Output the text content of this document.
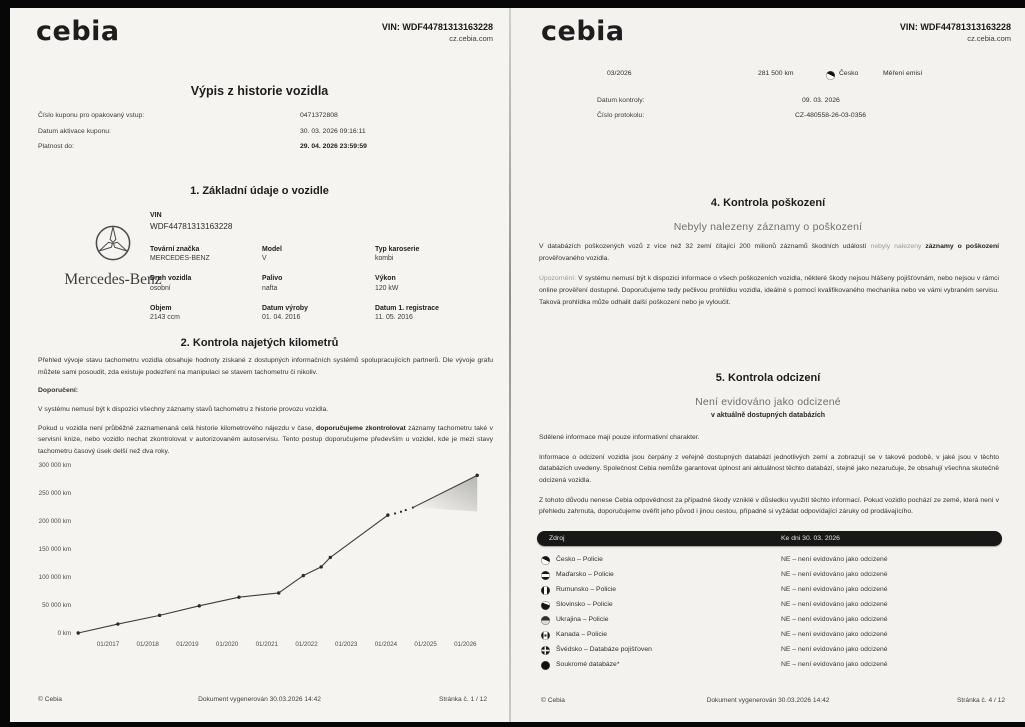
cebia	VIN: WDF44781313163228
cz.cebia.com
Výpis z historie vozidla
Číslo kuponu pro opakovaný vstup:	0471372808
Datum aktivace kuponu:	30. 03. 2026 09:16:11
Platnost do:	29. 04. 2026 23:59:59
1. Základní údaje o vozidle
Mercedes-Benz
VIN
WDF44781313163228
Tovární značka
MERCEDES-BENZ
Model
V
Typ karoserie
kombi
Druh vozidla
osobní
Palivo
nafta
Výkon
120 kW
Objem
2143 ccm
Datum výroby
01. 04. 2016
Datum 1. registrace
11. 05. 2016
2. Kontrola najetých kilometrů

Přehled vývoje stavu tachometru vozidla obsahuje hodnoty získané z dostupných informačních systémů spolupracujících partnerů. Dle vývoje grafu můžete sami posoudit, zda existuje podezření na manipulaci se stavem tachometru či nikoliv.

Doporučení:

V systému nemusí být k dispozici všechny záznamy stavů tachometru z historie provozu vozidla.

Pokud u vozidla není průběžně zaznamenaná celá historie kilometrového nájezdu v čase, doporučujeme zkontrolovat záznamy tachometru také v servisní knize, nebo vozidlo nechat zkontrolovat v autorizovaném autoservisu. Tento postup doporučujeme především u vozidel, kde je mezi stavy tachometru časový úsek delší než dva roky.

300 000 km
250 000 km
200 000 km
150 000 km
100 000 km
50 000 km
0 km
01/2017	01/2018	01/2019	01/2020	01/2021	01/2022	01/2023	01/2024	01/2025	01/2026
© Cebia	Dokument vygenerován 30.03.2026 14:42	Stránka č. 1 / 12
cebia	VIN: WDF44781313163228
cz.cebia.com
03/2026	281 500 km	Česko	Měření emisí
Datum kontroly:	09. 03. 2026
Číslo protokolu:	CZ-480558-26-03-0356
4. Kontrola poškození
Nebyly nalezeny záznamy o poškození

V databázích poškozených vozů z více než 32 zemí čítající 200 milionů záznamů škodních událostí nebyly nalezeny záznamy o poškození prověřovaného vozidla.

Upozornění: V systému nemusí být k dispozici informace o všech poškozeních vozidla, některé škody nejsou hlášeny pojišťovnám, nebo nejsou v rámci online prověření dostupné. Doporučujeme tedy pečlivou prohlídku vozidla, ideálně s pomocí kvalifikovaného mechanika nebo ve vámi vybraném servisu. Taková prohlídka může odhalit další poškození nebo je vyloučit.

5. Kontrola odcizení
Není evidováno jako odcizené
v aktuálně dostupných databázích

Sdělené informace mají pouze informativní charakter.

Informace o odcizení vozidla jsou čerpány z veřejně dostupných databází jednotlivých zemí a zobrazují se v takové podobě, v jaké jsou v těchto databázích uvedeny. Společnost Cebia nemůže garantovat úplnost ani aktuálnost těchto databází, stejně jako nezaručuje, že obsahují všechna skutečně odcizená vozidla.

Z tohoto důvodu nenese Cebia odpovědnost za případné škody vzniklé v důsledku využití těchto informací. Pokud vozidlo pochází ze země, která není v přehledu zahrnuta, doporučujeme ověřit jeho původ i jinou cestou, případně si vyžádat odpovídající záruky od prodávajícího.

Zdroj	Ke dni 30. 03. 2026
Česko – Policie	NE – není evidováno jako odcizené
Maďarsko – Policie	NE – není evidováno jako odcizené
Rumunsko – Policie	NE – není evidováno jako odcizené
Slovinsko – Policie	NE – není evidováno jako odcizené
Ukrajina – Policie	NE – není evidováno jako odcizené
Kanada – Policie	NE – není evidováno jako odcizené
Švédsko – Databáze pojišťoven	NE – není evidováno jako odcizené
Soukromé databáze*	NE – není evidováno jako odcizené
© Cebia	Dokument vygenerován 30.03.2026 14:42	Stránka č. 4 / 12
